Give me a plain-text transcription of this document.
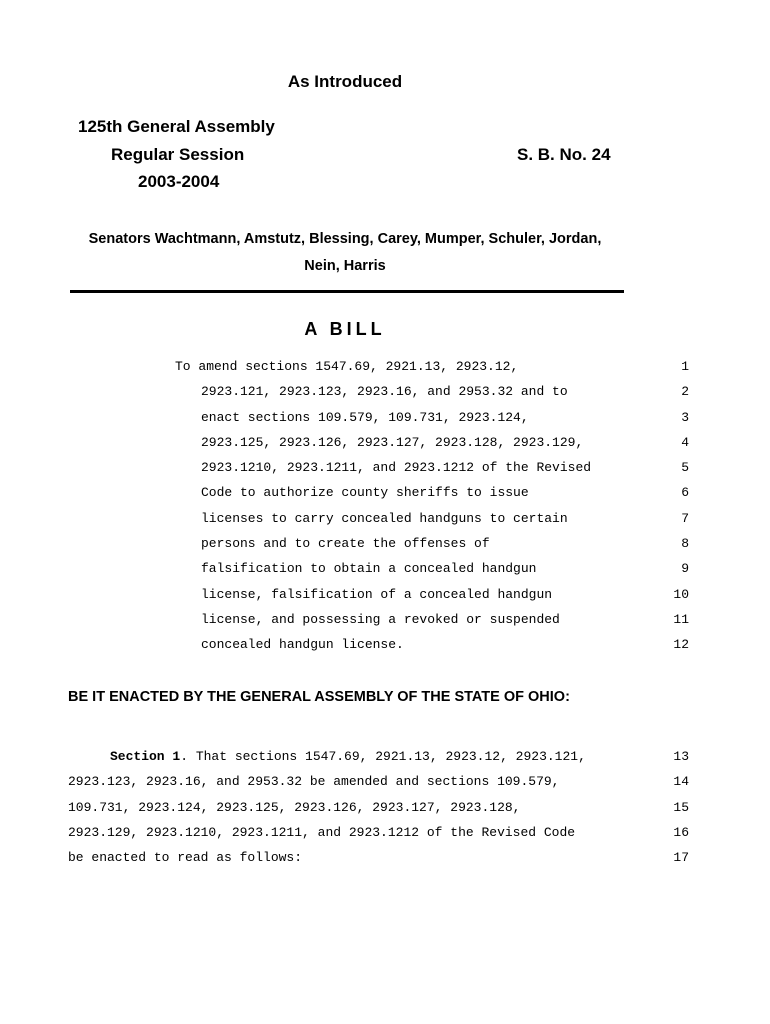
As Introduced
125th General Assembly
Regular Session
2003-2004
S. B. No. 24
Senators Wachtmann, Amstutz, Blessing, Carey, Mumper, Schuler, Jordan,
Nein, Harris
A BILL
To amend sections 1547.69, 2921.13, 2923.12,	1
2923.121, 2923.123, 2923.16, and 2953.32 and to	2
enact sections 109.579, 109.731, 2923.124,	3
2923.125, 2923.126, 2923.127, 2923.128, 2923.129,	4
2923.1210, 2923.1211, and 2923.1212 of the Revised	5
Code to authorize county sheriffs to issue	6
licenses to carry concealed handguns to certain	7
persons and to create the offenses of	8
falsification to obtain a concealed handgun	9
license, falsification of a concealed handgun	10
license, and possessing a revoked or suspended	11
concealed handgun license.	12
BE IT ENACTED BY THE GENERAL ASSEMBLY OF THE STATE OF OHIO:
Section 1. That sections 1547.69, 2921.13, 2923.12, 2923.121,	13
2923.123, 2923.16, and 2953.32 be amended and sections 109.579,	14
109.731, 2923.124, 2923.125, 2923.126, 2923.127, 2923.128,	15
2923.129, 2923.1210, 2923.1211, and 2923.1212 of the Revised Code	16
be enacted to read as follows:	17
